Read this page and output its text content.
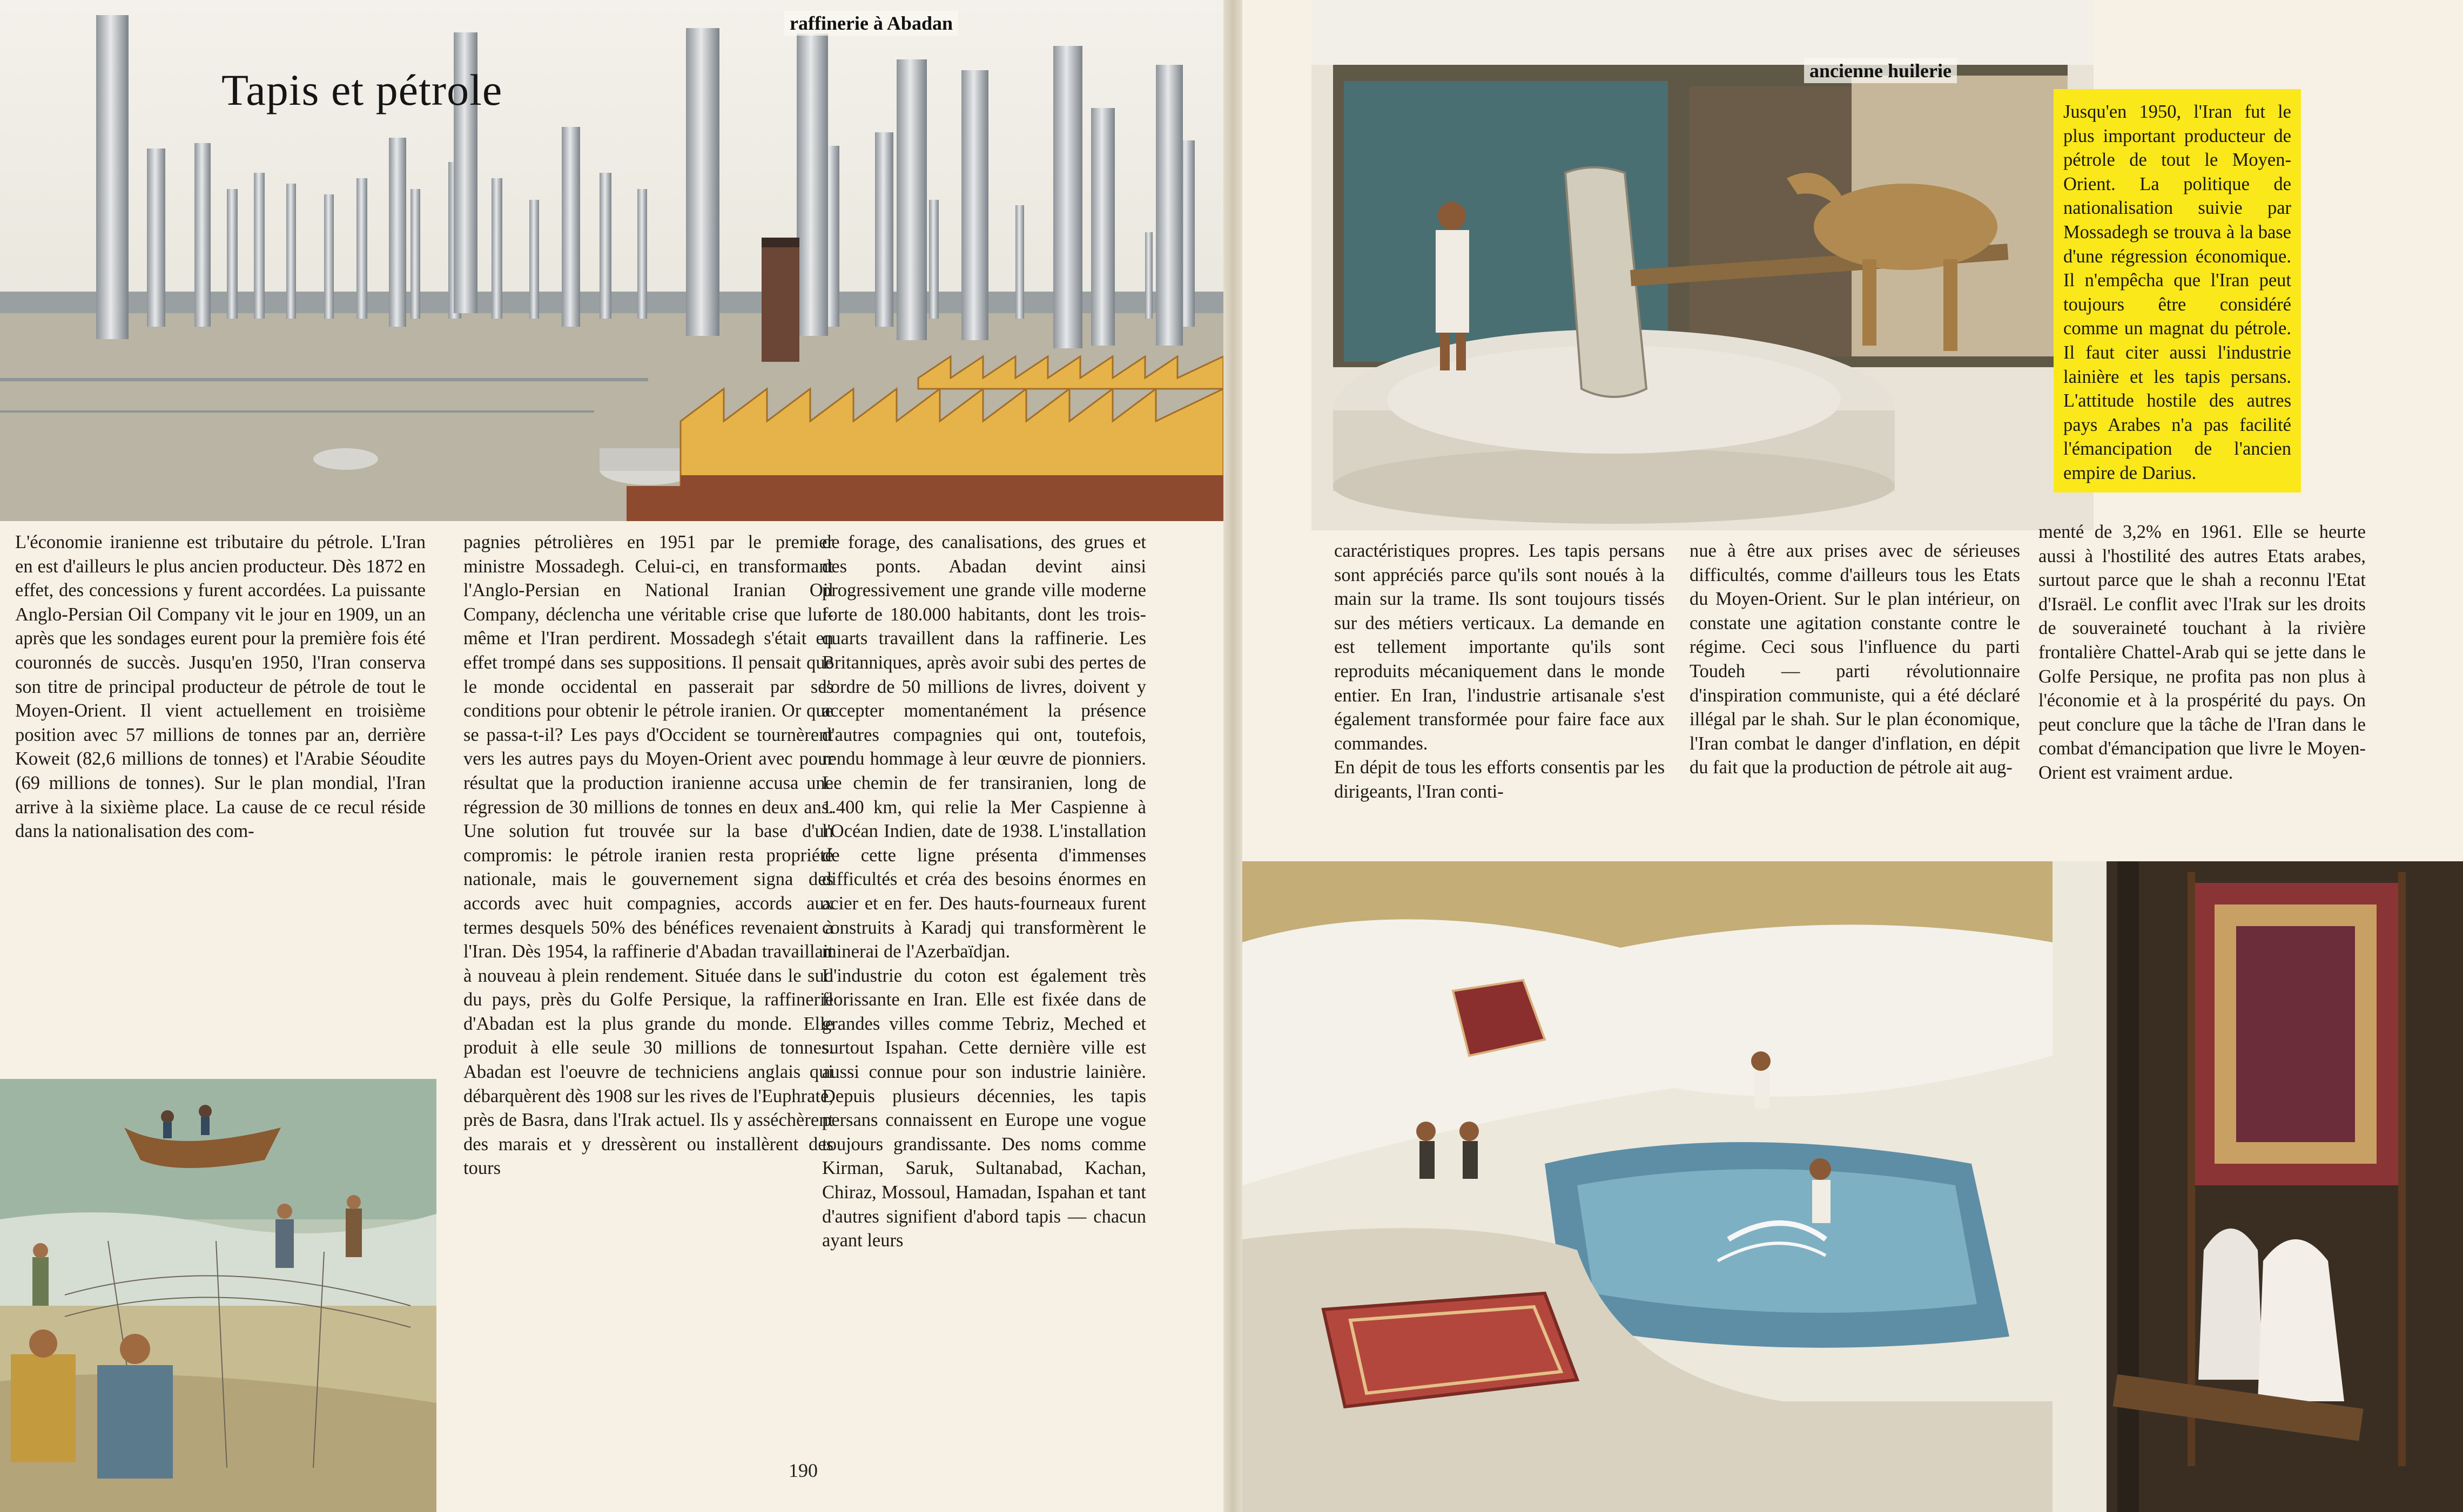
raffinerie à Abadan
Tapis et pétrole

L'économie iranienne est tributaire du pétrole. L'Iran en est d'ailleurs le plus ancien producteur. Dès 1872 en effet, des concessions y furent accordées. La puissante Anglo-Persian Oil Company vit le jour en 1909, un an après que les sondages eurent pour la première fois été couronnés de succès. Jusqu'en 1950, l'Iran conserva son titre de principal producteur de pétrole de tout le Moyen-Orient. Il vient actuellement en troisième position avec 57 millions de tonnes par an, derrière Koweit (82,6 millions de tonnes) et l'Arabie Séoudite (69 millions de tonnes). Sur le plan mondial, l'Iran arrive à la sixième place. La cause de ce recul réside dans la nationalisation des com-

pagnies pétrolières en 1951 par le premier ministre Mossadegh. Celui-ci, en transformant l'Anglo-Persian en National Iranian Oil Company, déclencha une véritable crise que lui-même et l'Iran perdirent. Mossadegh s'était en effet trompé dans ses suppositions. Il pensait que le monde occidental en passerait par ses conditions pour obtenir le pétrole iranien. Or que se passa-t-il? Les pays d'Occident se tournèrent vers les autres pays du Moyen-Orient avec pour résultat que la production iranienne accusa une régression de 30 millions de tonnes en deux ans. Une solution fut trouvée sur la base d'un compromis: le pétrole iranien resta propriété nationale, mais le gouvernement signa des accords avec huit compagnies, accords aux termes desquels 50% des bénéfices revenaient à l'Iran. Dès 1954, la raffinerie d'Abadan travaillait à nouveau à plein rendement. Située dans le sud du pays, près du Golfe Persique, la raffinerie d'Abadan est la plus grande du monde. Elle produit à elle seule 30 millions de tonnes. Abadan est l'oeuvre de techniciens anglais qui débarquèrent dès 1908 sur les rives de l'Euphrate, près de Basra, dans l'Irak actuel. Ils y asséchèrent des marais et y dressèrent ou installèrent des tours

de forage, des canalisations, des grues et des ponts. Abadan devint ainsi progressivement une grande ville moderne forte de 180.000 habitants, dont les trois-quarts travaillent dans la raffinerie. Les Britanniques, après avoir subi des pertes de l'ordre de 50 millions de livres, doivent y accepter momentanément la présence d'autres compagnies qui ont, toutefois, rendu hommage à leur œuvre de pionniers. Le chemin de fer transiranien, long de 1.400 km, qui relie la Mer Caspienne à l'Océan Indien, date de 1938. L'installation de cette ligne présenta d'immenses difficultés et créa des besoins énormes en acier et en fer. Des hauts-fourneaux furent construits à Karadj qui transformèrent le minerai de l'Azerbaïdjan.

L'industrie du coton est également très florissante en Iran. Elle est fixée dans de grandes villes comme Tebriz, Meched et surtout Ispahan. Cette dernière ville est aussi connue pour son industrie lainière. Depuis plusieurs décennies, les tapis persans connaissent en Europe une vogue toujours grandissante. Des noms comme Kirman, Saruk, Sultanabad, Kachan, Chiraz, Mossoul, Hamadan, Ispahan et tant d'autres signifient d'abord tapis — chacun ayant leurs

190
ancienne huilerie

caractéristiques propres. Les tapis persans sont appréciés parce qu'ils sont noués à la main sur la trame. Ils sont toujours tissés sur des métiers verticaux. La demande en est tellement importante qu'ils sont reproduits mécaniquement dans le monde entier. En Iran, l'industrie artisanale s'est également transformée pour faire face aux commandes.

En dépit de tous les efforts consentis par les dirigeants, l'Iran conti-

nue à être aux prises avec de sérieuses difficultés, comme d'ailleurs tous les Etats du Moyen-Orient. Sur le plan intérieur, on constate une agitation constante contre le régime. Ceci sous l'influence du parti Toudeh — parti révolutionnaire d'inspiration communiste, qui a été déclaré illégal par le shah. Sur le plan économique, l'Iran combat le danger d'inflation, en dépit du fait que la production de pétrole ait aug-

menté de 3,2% en 1961. Elle se heurte aussi à l'hostilité des autres Etats arabes, surtout parce que le shah a reconnu l'Etat d'Israël. Le conflit avec l'Irak sur les droits de souveraineté touchant à la rivière frontalière Chattel-Arab qui se jette dans le Golfe Persique, ne profita pas non plus à l'économie et à la prospérité du pays. On peut conclure que la tâche de l'Iran dans le combat d'émancipation que livre le Moyen-Orient est vraiment ardue.

Jusqu'en 1950, l'Iran fut le plus important producteur de pétrole de tout le Moyen-Orient. La politique de nationalisation suivie par Mossadegh se trouva à la base d'une régression économique. Il n'empêcha que l'Iran peut toujours être considéré comme un magnat du pétrole. Il faut citer aussi l'industrie lainière et les tapis persans. L'attitude hostile des autres pays Arabes n'a pas facilité l'émancipation de l'ancien empire de Darius.
